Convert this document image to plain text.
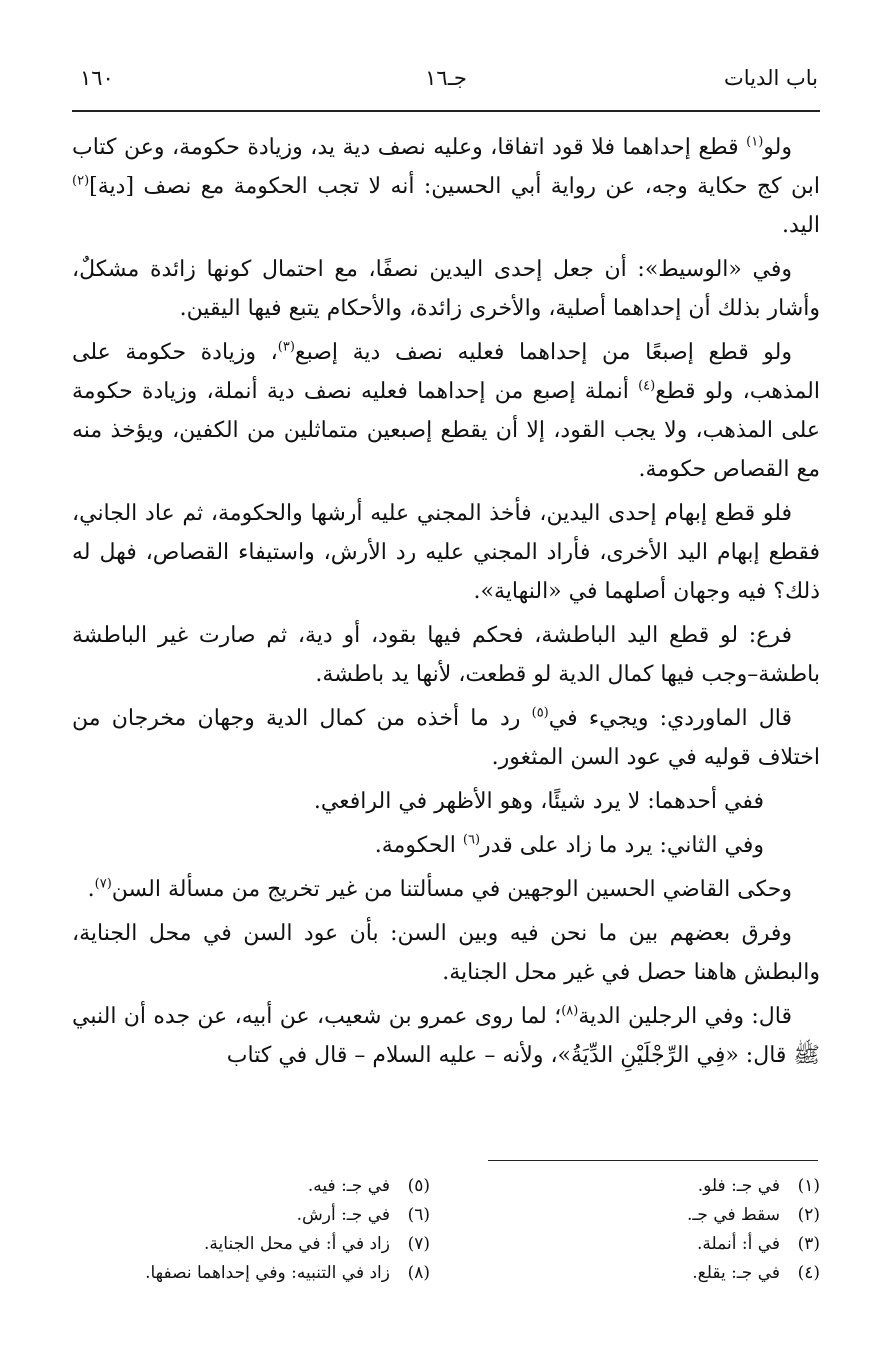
باب الديات
جـ١٦
١٦٠

ولو$^{(١)}$ قطع إحداهما فلا قود اتفاقا، وعليه نصف دية يد، وزيادة حكومة، وعن كتاب ابن كج حكاية وجه، عن رواية أبي الحسين: أنه لا تجب الحكومة مع نصف [دية]$^{(٢)}$ اليد.

وفي «الوسيط»: أن جعل إحدى اليدين نصفًا، مع احتمال كونها زائدة مشكلٌ، وأشار بذلك أن إحداهما أصلية، والأخرى زائدة، والأحكام يتبع فيها اليقين.

ولو قطع إصبعًا من إحداهما فعليه نصف دية إصبع$^{(٣)}$، وزيادة حكومة على المذهب، ولو قطع$^{(٤)}$ أنملة إصبع من إحداهما فعليه نصف دية أنملة، وزيادة حكومة على المذهب، ولا يجب القود، إلا أن يقطع إصبعين متماثلين من الكفين، ويؤخذ منه مع القصاص حكومة.

فلو قطع إبهام إحدى اليدين، فأخذ المجني عليه أرشها والحكومة، ثم عاد الجاني، فقطع إبهام اليد الأخرى، فأراد المجني عليه رد الأرش، واستيفاء القصاص، فهل له ذلك؟ فيه وجهان أصلهما في «النهاية».

فرع: لو قطع اليد الباطشة، فحكم فيها بقود، أو دية، ثم صارت غير الباطشة باطشة–وجب فيها كمال الدية لو قطعت، لأنها يد باطشة.

قال الماوردي: ويجيء في$^{(٥)}$ رد ما أخذه من كمال الدية وجهان مخرجان من اختلاف قوليه في عود السن المثغور.

ففي أحدهما: لا يرد شيئًا، وهو الأظهر في الرافعي.

وفي الثاني: يرد ما زاد على قدر$^{(٦)}$ الحكومة.

وحكى القاضي الحسين الوجهين في مسألتنا من غير تخريج من مسألة السن$^{(٧)}$.

وفرق بعضهم بين ما نحن فيه وبين السن: بأن عود السن في محل الجناية، والبطش هاهنا حصل في غير محل الجناية.

قال: وفي الرجلين الدية$^{(٨)}$؛ لما روى عمرو بن شعيب، عن أبيه، عن جده أن النبي ﷺ قال: «فِي الرِّجْلَيْنِ الدِّيَةُ»، ولأنه – عليه السلام – قال في كتاب

(١)في جـ: فلو.
(٢)سقط في جـ.
(٣)في أ: أنملة.
(٤)في جـ: يقلع.
(٥)في جـ: فيه.
(٦)في جـ: أرش.
(٧)زاد في أ: في محل الجناية.
(٨)زاد في التنبيه: وفي إحداهما نصفها.
